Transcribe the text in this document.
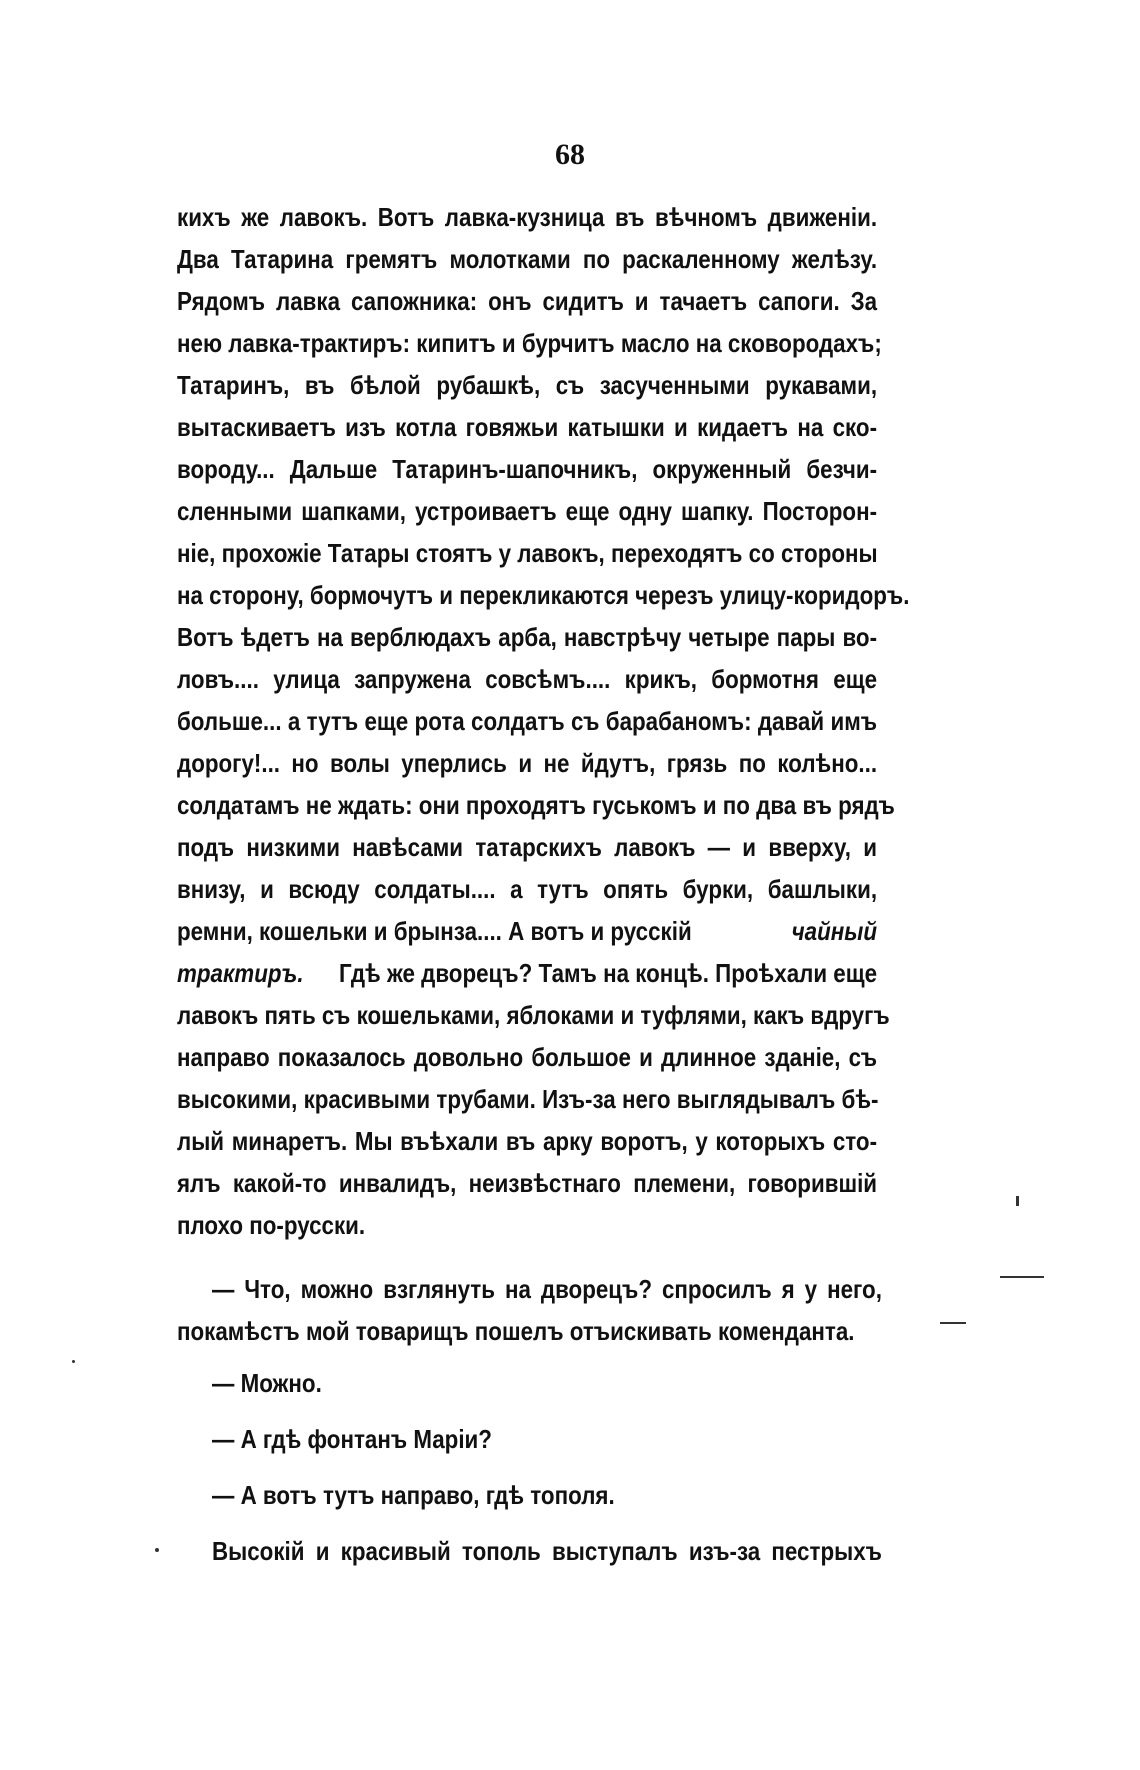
68
кихъ же лавокъ. Вотъ лавка-кузница въ вѣчномъ движенiи.
Два Татарина гремятъ молотками по раскаленному желѣзу.
Рядомъ лавка сапожника: онъ сидитъ и тачаетъ сапоги. За
нею лавка-трактиръ: кипитъ и бурчитъ масло на сковородахъ;
Татаринъ, въ бѣлой рубашкѣ, съ засученными рукавами,
вытаскиваетъ изъ котла говяжьи катышки и кидаетъ на ско-
вороду... Дальше Татаринъ-шапочникъ, окруженный безчи-
сленными шапками, устроиваетъ еще одну шапку. Посторон-
нiе, прохожiе Татары стоятъ у лавокъ, переходятъ со стороны
на сторону, бормочутъ и перекликаются черезъ улицу-коридоръ.
Вотъ ѣдетъ на верблюдахъ арба, навстрѣчу четыре пары во-
ловъ.... улица запружена совсѣмъ.... крикъ, бормотня еще
больше... а тутъ еще рота солдатъ съ барабаномъ: давай имъ
дорогу!... но волы уперлись и не йдутъ, грязь по колѣно...
солдатамъ не ждать: они проходятъ гуськомъ и по два въ рядъ
подъ низкими навѣсами татарскихъ лавокъ — и вверху, и
внизу, и всюду солдаты.... а тутъ опять бурки, башлыки,
ремни, кошельки и брынза.... А вотъ и русскiй	чайный
трактиръ. Гдѣ же дворецъ? Тамъ на концѣ. Проѣхали еще
лавокъ пять съ кошельками, яблоками и туфлями, какъ вдругъ
направо показалось довольно большое и длинное зданiе, съ
высокими, красивыми трубами. Изъ-за него выглядывалъ бѣ-
лый минаретъ. Мы въѣхали въ арку воротъ, у которыхъ сто-
ялъ какой-то инвалидъ, неизвѣстнаго племени, говорившiй
плохо по-русски.
— Что, можно взглянуть на дворецъ? спросилъ я у него,
покамѣстъ мой товарищъ пошелъ отъискивать коменданта.
— Можно.
— А гдѣ фонтанъ Марiи?
— А вотъ тутъ направо, гдѣ тополя.
Высокiй и красивый тополь выступалъ изъ-за пестрыхъ
